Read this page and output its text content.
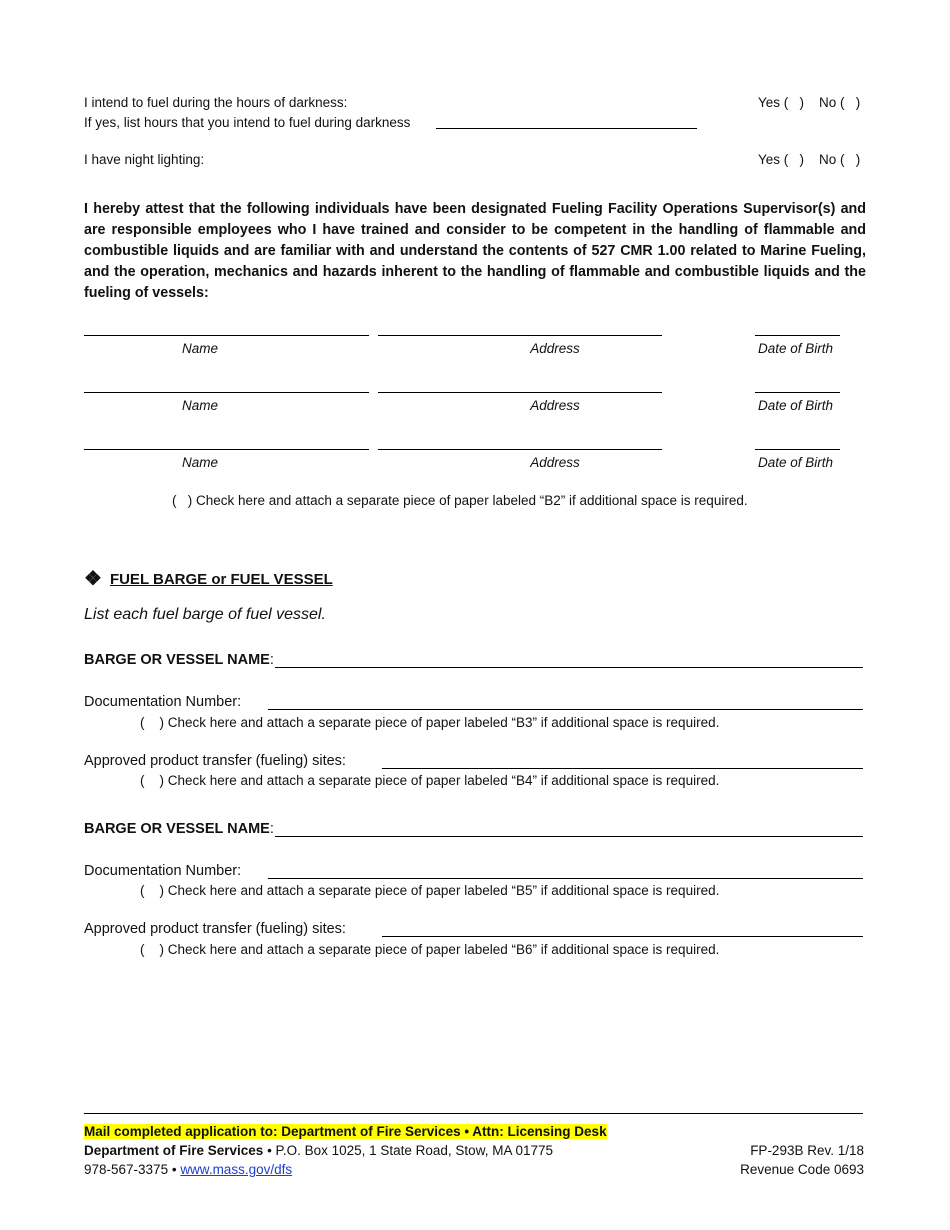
I intend to fuel during the hours of darkness:	Yes (   )    No (   )
If yes, list hours that you intend to fuel during darkness
I have night lighting:	Yes (   )    No (   )
I hereby attest that the following individuals have been designated Fueling Facility Operations Supervisor(s) and are responsible employees who I have trained and consider to be competent in the handling of flammable and combustible liquids and are familiar with and understand the contents of 527 CMR 1.00 related to Marine Fueling, and the operation, mechanics and hazards inherent to the handling of flammable and combustible liquids and the fueling of vessels:
Name	Address	Date of Birth
Name	Address	Date of Birth
Name	Address	Date of Birth
(   ) Check here and attach a separate piece of paper labeled “B2” if additional space is required.
❖ FUEL BARGE or FUEL VESSEL
List each fuel barge of fuel vessel.
BARGE OR VESSEL NAME:
Documentation Number:
(    ) Check here and attach a separate piece of paper labeled “B3” if additional space is required.
Approved product transfer (fueling) sites:
(    ) Check here and attach a separate piece of paper labeled “B4” if additional space is required.
BARGE OR VESSEL NAME:
Documentation Number:
(    ) Check here and attach a separate piece of paper labeled “B5” if additional space is required.
Approved product transfer (fueling) sites:
(    ) Check here and attach a separate piece of paper labeled “B6” if additional space is required.
Mail completed application to: Department of Fire Services • Attn: Licensing Desk
Department of Fire Services • P.O. Box 1025, 1 State Road, Stow, MA 01775
978-567-3375 • www.mass.gov/dfs
FP-293B Rev. 1/18
Revenue Code 0693
